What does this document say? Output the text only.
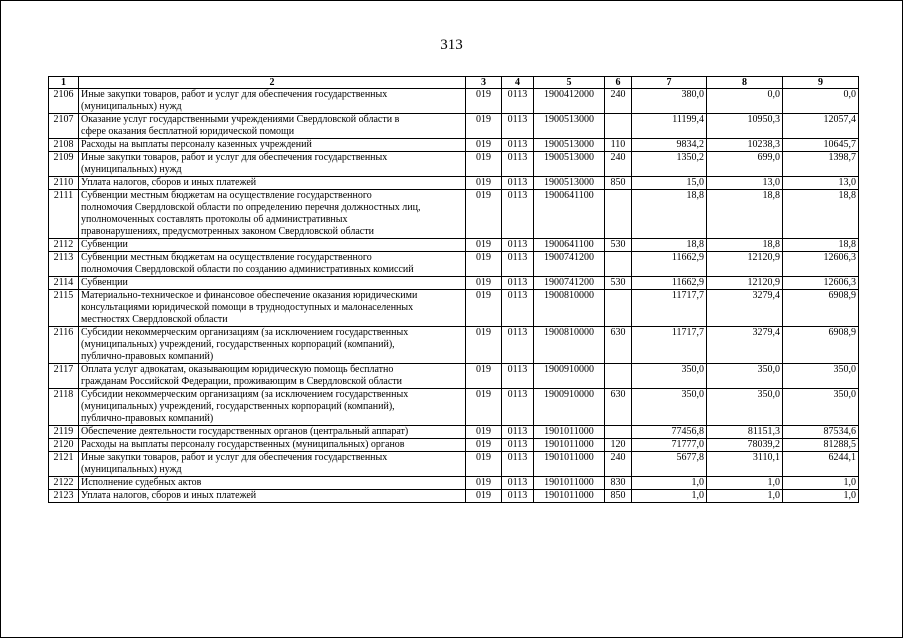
313
1	2	3	4	5	6	7	8	9
2106	Иные закупки товаров, работ и услуг для обеспечения государственных
(муниципальных) нужд	019	0113	1900412000	240	380,0	0,0	0,0
2107	Оказание услуг государственными учреждениями Свердловской области в
сфере оказания бесплатной юридической помощи	019	0113	1900513000		11199,4	10950,3	12057,4
2108	Расходы на выплаты персоналу казенных учреждений	019	0113	1900513000	110	9834,2	10238,3	10645,7
2109	Иные закупки товаров, работ и услуг для обеспечения государственных
(муниципальных) нужд	019	0113	1900513000	240	1350,2	699,0	1398,7
2110	Уплата налогов, сборов и иных платежей	019	0113	1900513000	850	15,0	13,0	13,0
2111	Субвенции местным бюджетам на осуществление государственного
полномочия Свердловской области по определению перечня должностных лиц,
уполномоченных составлять протоколы об административных
правонарушениях, предусмотренных законом Свердловской области	019	0113	1900641100		18,8	18,8	18,8
2112	Субвенции	019	0113	1900641100	530	18,8	18,8	18,8
2113	Субвенции местным бюджетам на осуществление государственного
полномочия Свердловской области по созданию административных комиссий	019	0113	1900741200		11662,9	12120,9	12606,3
2114	Субвенции	019	0113	1900741200	530	11662,9	12120,9	12606,3
2115	Материально-техническое и финансовое обеспечение оказания юридическими
консультациями юридической помощи в труднодоступных и малонаселенных
местностях Свердловской области	019	0113	1900810000		11717,7	3279,4	6908,9
2116	Субсидии некоммерческим организациям (за исключением государственных
(муниципальных) учреждений, государственных корпораций (компаний),
публично-правовых компаний)	019	0113	1900810000	630	11717,7	3279,4	6908,9
2117	Оплата услуг адвокатам, оказывающим юридическую помощь бесплатно
гражданам Российской Федерации, проживающим в Свердловской области	019	0113	1900910000		350,0	350,0	350,0
2118	Субсидии некоммерческим организациям (за исключением государственных
(муниципальных) учреждений, государственных корпораций (компаний),
публично-правовых компаний)	019	0113	1900910000	630	350,0	350,0	350,0
2119	Обеспечение деятельности государственных органов (центральный аппарат)	019	0113	1901011000		77456,8	81151,3	87534,6
2120	Расходы на выплаты персоналу государственных (муниципальных) органов	019	0113	1901011000	120	71777,0	78039,2	81288,5
2121	Иные закупки товаров, работ и услуг для обеспечения государственных
(муниципальных) нужд	019	0113	1901011000	240	5677,8	3110,1	6244,1
2122	Исполнение судебных актов	019	0113	1901011000	830	1,0	1,0	1,0
2123	Уплата налогов, сборов и иных платежей	019	0113	1901011000	850	1,0	1,0	1,0
